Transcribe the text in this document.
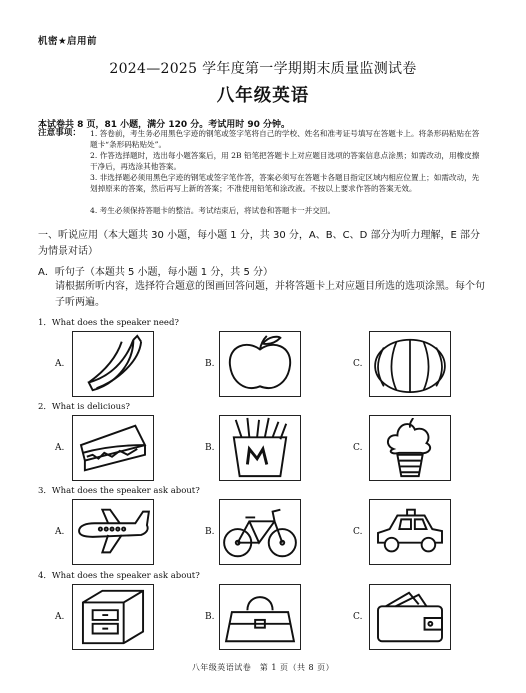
机密★启用前
2024—2025 学年度第一学期期末质量监测试卷
八年级英语
本试卷共 8 页，81 小题，满分 120 分。考试用时 90 分钟。
注意事项： 1. 答卷前，考生务必用黑色字迹的钢笔或签字笔将自己的学校、姓名和准考证号填写在答题卡上。将条形码粘贴在答题卡“条形码粘贴处”。
2. 作答选择题时，选出每小题答案后，用 2B 铅笔把答题卡上对应题目选项的答案信息点涂黑；如需改动，用橡皮擦干净后，再选涂其他答案。
3. 非选择题必须用黑色字迹的钢笔或签字笔作答，答案必须写在答题卡各题目指定区域内相应位置上；如需改动，先划掉原来的答案，然后再写上新的答案；不准使用铅笔和涂改液。不按以上要求作答的答案无效。
4. 考生必须保持答题卡的整洁。考试结束后，将试卷和答题卡一并交回。
一、听说应用（本大题共 30 小题，每小题 1 分，共 30 分，A、B、C、D 部分为听力理解，E 部分为情景对话）
A．听句子（本题共 5 小题，每小题 1 分，共 5 分）
请根据所听内容，选择符合题意的图画回答问题，并将答题卡上对应题目所选的选项涂黑。每个句子听两遍。
1．What does the speaker need?
A.	B.	C.
2．What is delicious?
A.	B.	C.
3．What does the speaker ask about?
A.	B.	C.
4．What does the speaker ask about?
A.	B.	C.
八年级英语试卷　第 1 页（共 8 页）
